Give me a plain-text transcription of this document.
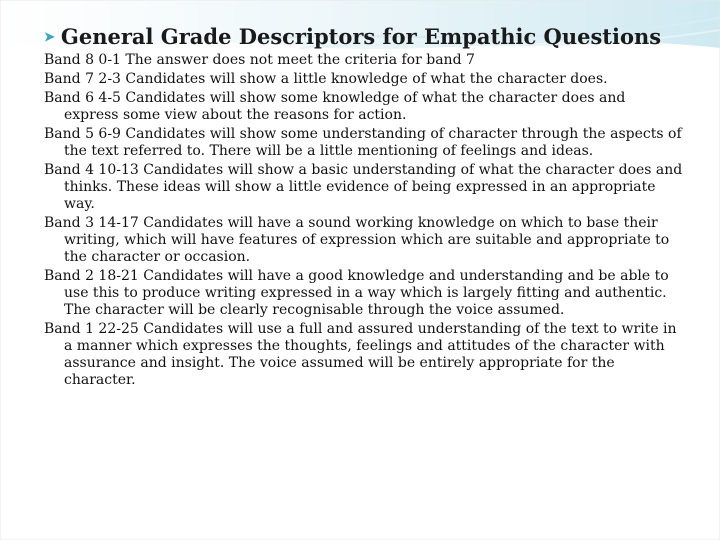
➤ General Grade Descriptors for Empathic Questions

Band 8 0-1 The answer does not meet the criteria for band 7

Band 7 2-3 Candidates will show a little knowledge of what the character does.

Band 6 4-5 Candidates will show some knowledge of what the character does and express some view about the reasons for action.

Band 5 6-9 Candidates will show some understanding of character through the aspects of the text referred to. There will be a little mentioning of feelings and ideas.

Band 4 10-13 Candidates will show a basic understanding of what the character does and thinks. These ideas will show a little evidence of being expressed in an appropriate way.

Band 3 14-17 Candidates will have a sound working knowledge on which to base their writing, which will have features of expression which are suitable and appropriate to the character or occasion.

Band 2 18-21 Candidates will have a good knowledge and understanding and be able to use this to produce writing expressed in a way which is largely fitting and authentic. The character will be clearly recognisable through the voice assumed.

Band 1 22-25 Candidates will use a full and assured understanding of the text to write in a manner which expresses the thoughts, feelings and attitudes of the character with assurance and insight. The voice assumed will be entirely appropriate for the character.
